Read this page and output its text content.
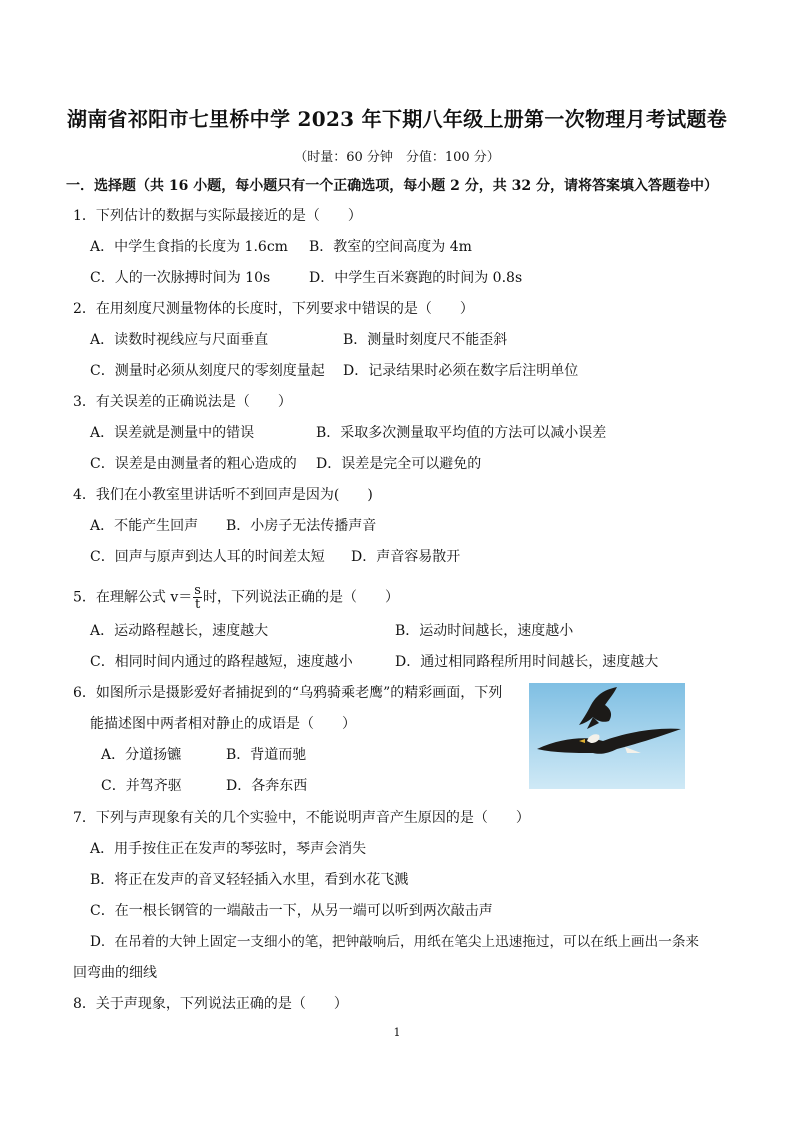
湖南省祁阳市七里桥中学 2023 年下期八年级上册第一次物理月考试题卷
（时量：60 分钟　分值：100 分）
一．选择题（共 16 小题，每小题只有一个正确选项，每小题 2 分，共 32 分，请将答案填入答题卷中）
1．下列估计的数据与实际最接近的是（　　）
A．中学生食指的长度为 1.6cm B．教室的空间高度为 4m
C．人的一次脉搏时间为 10s	D．中学生百米赛跑的时间为 0.8s
2．在用刻度尺测量物体的长度时，下列要求中错误的是（　　）
A．读数时视线应与尺面垂直	B．测量时刻度尺不能歪斜
C．测量时必须从刻度尺的零刻度量起 D．记录结果时必须在数字后注明单位
3．有关误差的正确说法是（　　）
A．误差就是测量中的错误	B．采取多次测量取平均值的方法可以减小误差
C．误差是由测量者的粗心造成的 D．误差是完全可以避免的
4．我们在小教室里讲话听不到回声是因为(　　)
A．不能产生回声 B．小房子无法传播声音
C．回声与原声到达人耳的时间差太短 D．声音容易散开
5．在理解公式 $v= \frac{s}{t}$ 时，下列说法正确的是（　　）
A．运动路程越长，速度越大	B．运动时间越长，速度越小
C．相同时间内通过的路程越短，速度越小	D．通过相同路程所用时间越长，速度越大
6．如图所示是摄影爱好者捕捉到的“乌鸦骑乘老鹰”的精彩画面，下列
能描述图中两者相对静止的成语是（　　）
A．分道扬镳	B．背道而驰
C．并驾齐驱	D．各奔东西
7．下列与声现象有关的几个实验中，不能说明声音产生原因的是（　　）
A．用手按住正在发声的琴弦时，琴声会消失
B．将正在发声的音叉轻轻插入水里，看到水花飞溅
C．在一根长钢管的一端敲击一下，从另一端可以听到两次敲击声
D．在吊着的大钟上固定一支细小的笔，把钟敲响后，用纸在笔尖上迅速拖过，可以在纸上画出一条来
回弯曲的细线
8．关于声现象，下列说法正确的是（　　）
1
